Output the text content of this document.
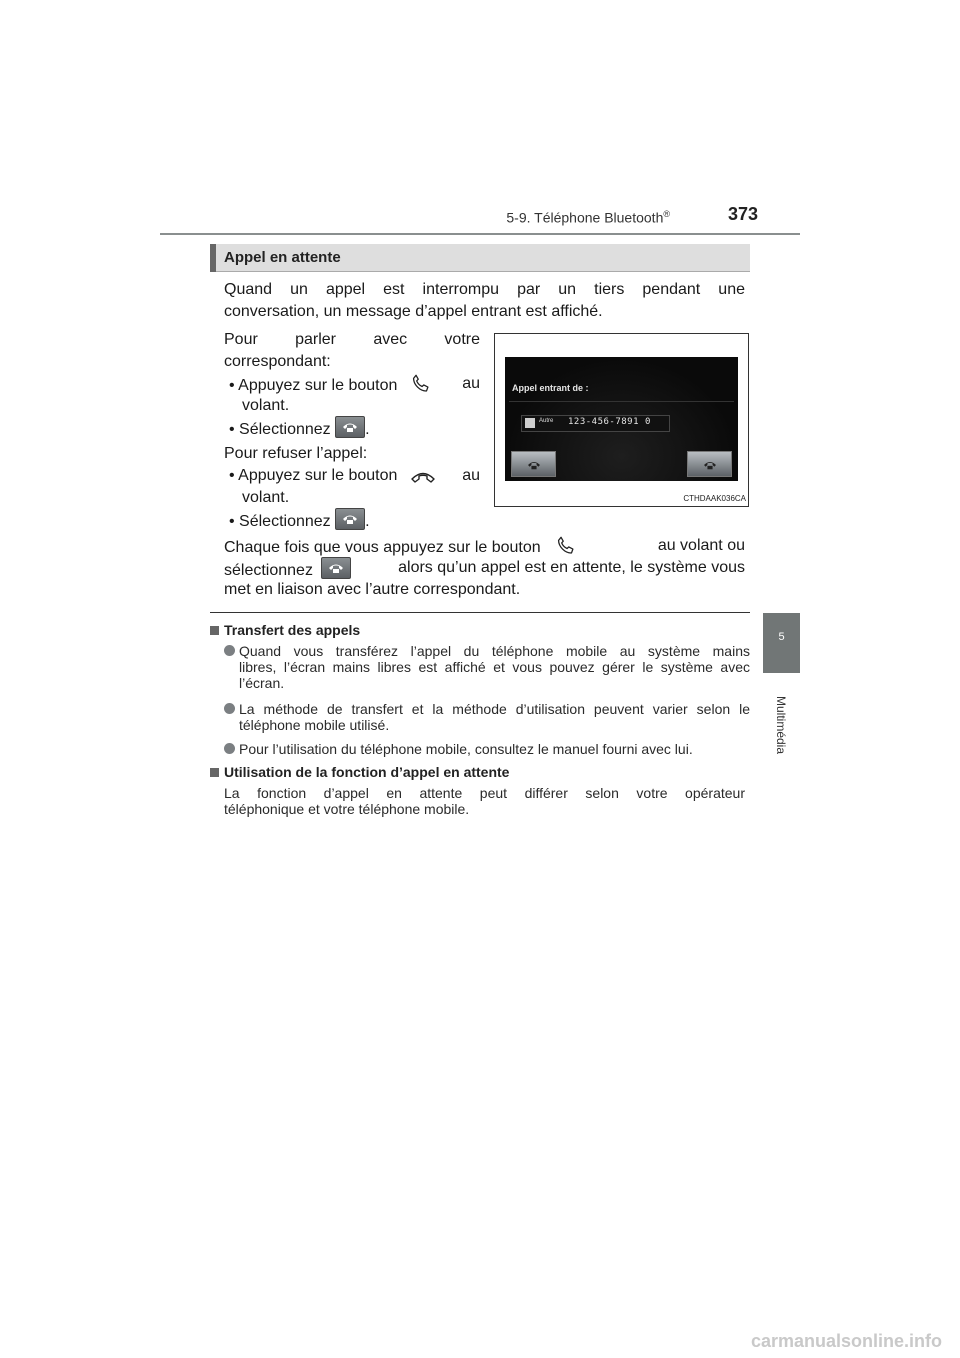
5-9. Téléphone Bluetooth®	373
5
Multimédia
Appel en attente
Quand un appel est interrompu par un tiers pendant une
conversation, un message d’appel entrant est affiché.
Pour parler avec votre
correspondant:
• Appuyez sur le bouton	au
volant.
• Sélectionnez .
Pour refuser l’appel:
• Appuyez sur le bouton	au
volant.
• Sélectionnez .
Chaque fois que vous appuyez sur le bouton	au volant ou
sélectionnez	alors qu’un appel est en attente, le système vous
met en liaison avec l’autre correspondant.
Appel entrant de :
Autre 123-456-7891 0
CTHDAAK036CA
Transfert des appels
Quand vous transférez l’appel du téléphone mobile au système mains
libres, l’écran mains libres est affiché et vous pouvez gérer le système avec
l’écran.
La méthode de transfert et la méthode d’utilisation peuvent varier selon le
téléphone mobile utilisé.
Pour l’utilisation du téléphone mobile, consultez le manuel fourni avec lui.
Utilisation de la fonction d’appel en attente
La fonction d’appel en attente peut différer selon votre opérateur
téléphonique et votre téléphone mobile.
carmanualsonline.info
